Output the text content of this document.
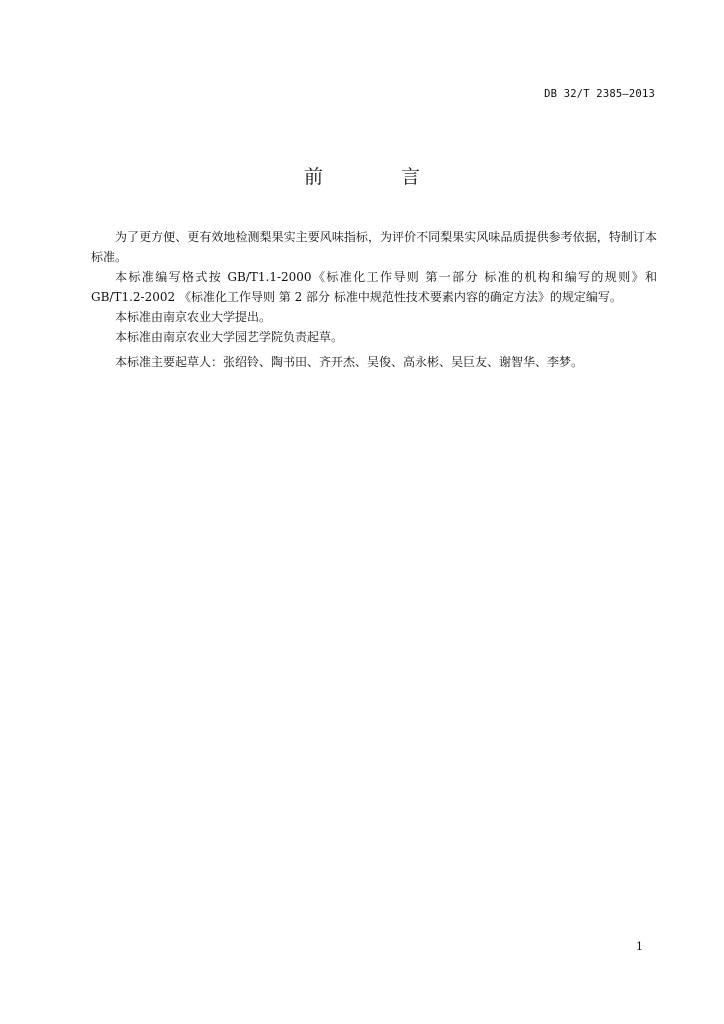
DB 32/T 2385—2013
前 言

为了更方便、更有效地检测梨果实主要风味指标，为评价不同梨果实风味品质提供参考依据，特制订本标准。

本标准编写格式按 GB/T1.1-2000《标准化工作导则 第一部分 标准的机构和编写的规则》和GB/T1.2-2002 《标准化工作导则 第 2 部分 标准中规范性技术要素内容的确定方法》的规定编写。

本标准由南京农业大学提出。

本标准由南京农业大学园艺学院负责起草。

本标准主要起草人：张绍铃、陶书田、齐开杰、吴俊、高永彬、吴巨友、谢智华、李梦。

1
